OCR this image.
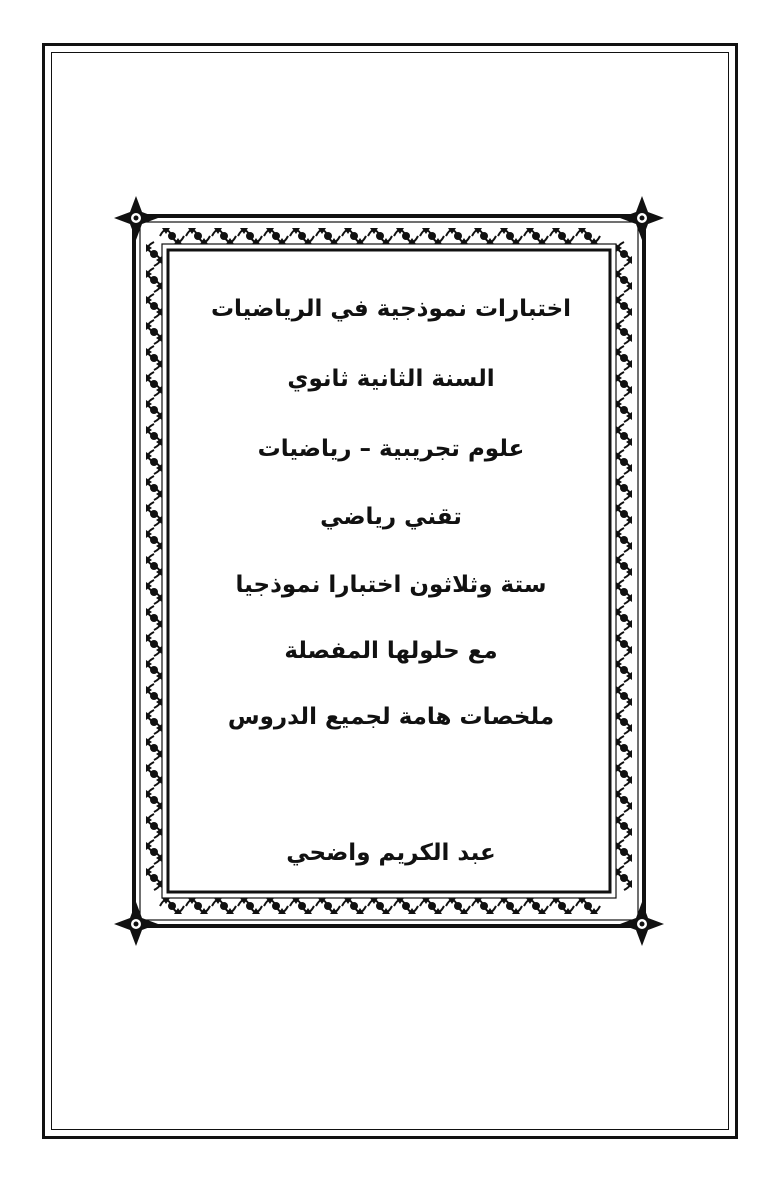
اختبارات نموذجية في الرياضيات
السنة الثانية ثانوي
علوم تجريبية – رياضيات
تقني رياضي
ستة وثلاثون اختبارا نموذجيا
مع حلولها المفصلة
ملخصات هامة لجميع الدروس
عبد الكريم واضحي
